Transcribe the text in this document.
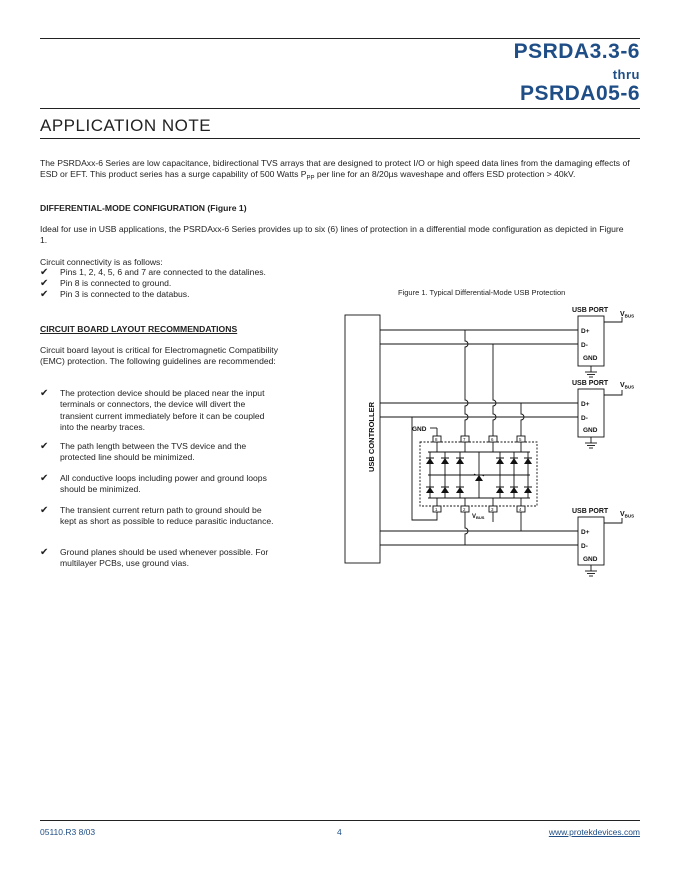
PSRDA3.3-6
thru
PSRDA05-6
APPLICATION NOTE
The PSRDAxx-6 Series are low capacitance, bidirectional TVS arrays that are designed to protect I/O or high speed data lines from the damaging effects of ESD or EFT. This product series has a surge capability of 500 Watts $P_{PP}$ per line for an 8/20µs waveshape and offers ESD protection > 40kV.
DIFFERENTIAL-MODE CONFIGURATION (Figure 1)
Ideal for use in USB applications, the PSRDAxx-6 Series provides up to six (6) lines of protection in a differential mode configuration as depicted in Figure 1.
Circuit connectivity is as follows:
✔ Pins 1, 2, 4, 5, 6 and 7 are connected to the datalines.
✔ Pin 8 is connected to ground.
✔ Pin 3 is connected to the databus.
CIRCUIT BOARD LAYOUT RECOMMENDATIONS
Circuit board layout is critical for Electromagnetic Compatibility (EMC) protection. The following guidelines are recommended:
✔ The protection device should be placed near the input terminals or connectors, the device will divert the transient current immediately before it can be coupled into the nearby traces.
✔ The path length between the TVS device and the protected line should be minimized.
✔ All conductive loops including power and ground loops should be minimized.
✔ The transient current return path to ground should be kept as short as possible to reduce parasitic inductance.
✔ Ground planes should be used whenever possible. For multilayer PCBs, use ground vias.
Figure 1. Typical Differential-Mode USB Protection
USB CONTROLLER
USB PORT
D+
D-
GND
$V_{BUS}$
USB PORT
D+
D-
GND
$V_{BUS}$
USB PORT
D+
D-
GND
$V_{BUS}$
GND
8	7	6	5
1	2	3	4
VBUS
05110.R3 8/03	4	www.protekdevices.com
